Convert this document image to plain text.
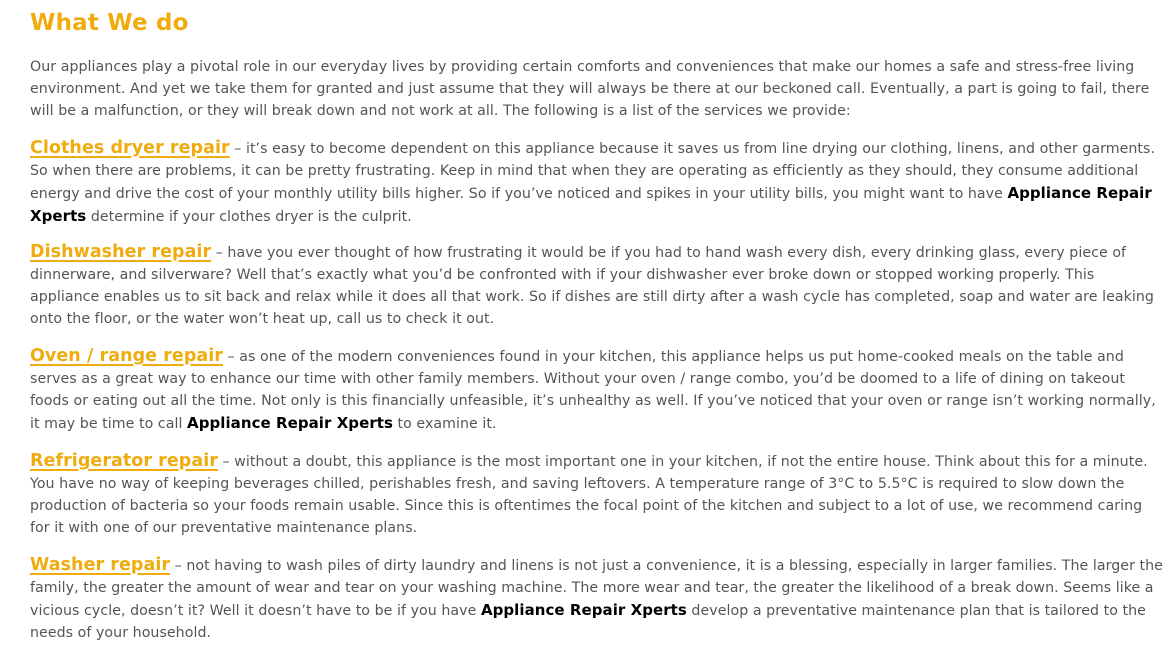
What We do

Our appliances play a pivotal role in our everyday lives by providing certain comforts and conveniences that make our homes a safe and stress-free living environment. And yet we take them for granted and just assume that they will always be there at our beckoned call. Eventually, a part is going to fail, there will be a malfunction, or they will break down and not work at all. The following is a list of the services we provide:

Clothes dryer repair – it’s easy to become dependent on this appliance because it saves us from line drying our clothing, linens, and other garments. So when there are problems, it can be pretty frustrating. Keep in mind that when they are operating as efficiently as they should, they consume additional energy and drive the cost of your monthly utility bills higher. So if you’ve noticed and spikes in your utility bills, you might want to have Appliance Repair Xperts determine if your clothes dryer is the culprit.

Dishwasher repair – have you ever thought of how frustrating it would be if you had to hand wash every dish, every drinking glass, every piece of dinnerware, and silverware? Well that’s exactly what you’d be confronted with if your dishwasher ever broke down or stopped working properly. This appliance enables us to sit back and relax while it does all that work. So if dishes are still dirty after a wash cycle has completed, soap and water are leaking onto the floor, or the water won’t heat up, call us to check it out.

Oven / range repair – as one of the modern conveniences found in your kitchen, this appliance helps us put home-cooked meals on the table and serves as a great way to enhance our time with other family members. Without your oven / range combo, you’d be doomed to a life of dining on takeout foods or eating out all the time. Not only is this financially unfeasible, it’s unhealthy as well. If you’ve noticed that your oven or range isn’t working normally, it may be time to call Appliance Repair Xperts to examine it.

Refrigerator repair – without a doubt, this appliance is the most important one in your kitchen, if not the entire house. Think about this for a minute. You have no way of keeping beverages chilled, perishables fresh, and saving leftovers. A temperature range of 3°C to 5.5°C is required to slow down the production of bacteria so your foods remain usable. Since this is oftentimes the focal point of the kitchen and subject to a lot of use, we recommend caring for it with one of our preventative maintenance plans.

Washer repair – not having to wash piles of dirty laundry and linens is not just a convenience, it is a blessing, especially in larger families. The larger the family, the greater the amount of wear and tear on your washing machine. The more wear and tear, the greater the likelihood of a break down. Seems like a vicious cycle, doesn’t it? Well it doesn’t have to be if you have Appliance Repair Xperts develop a preventative maintenance plan that is tailored to the needs of your household.
